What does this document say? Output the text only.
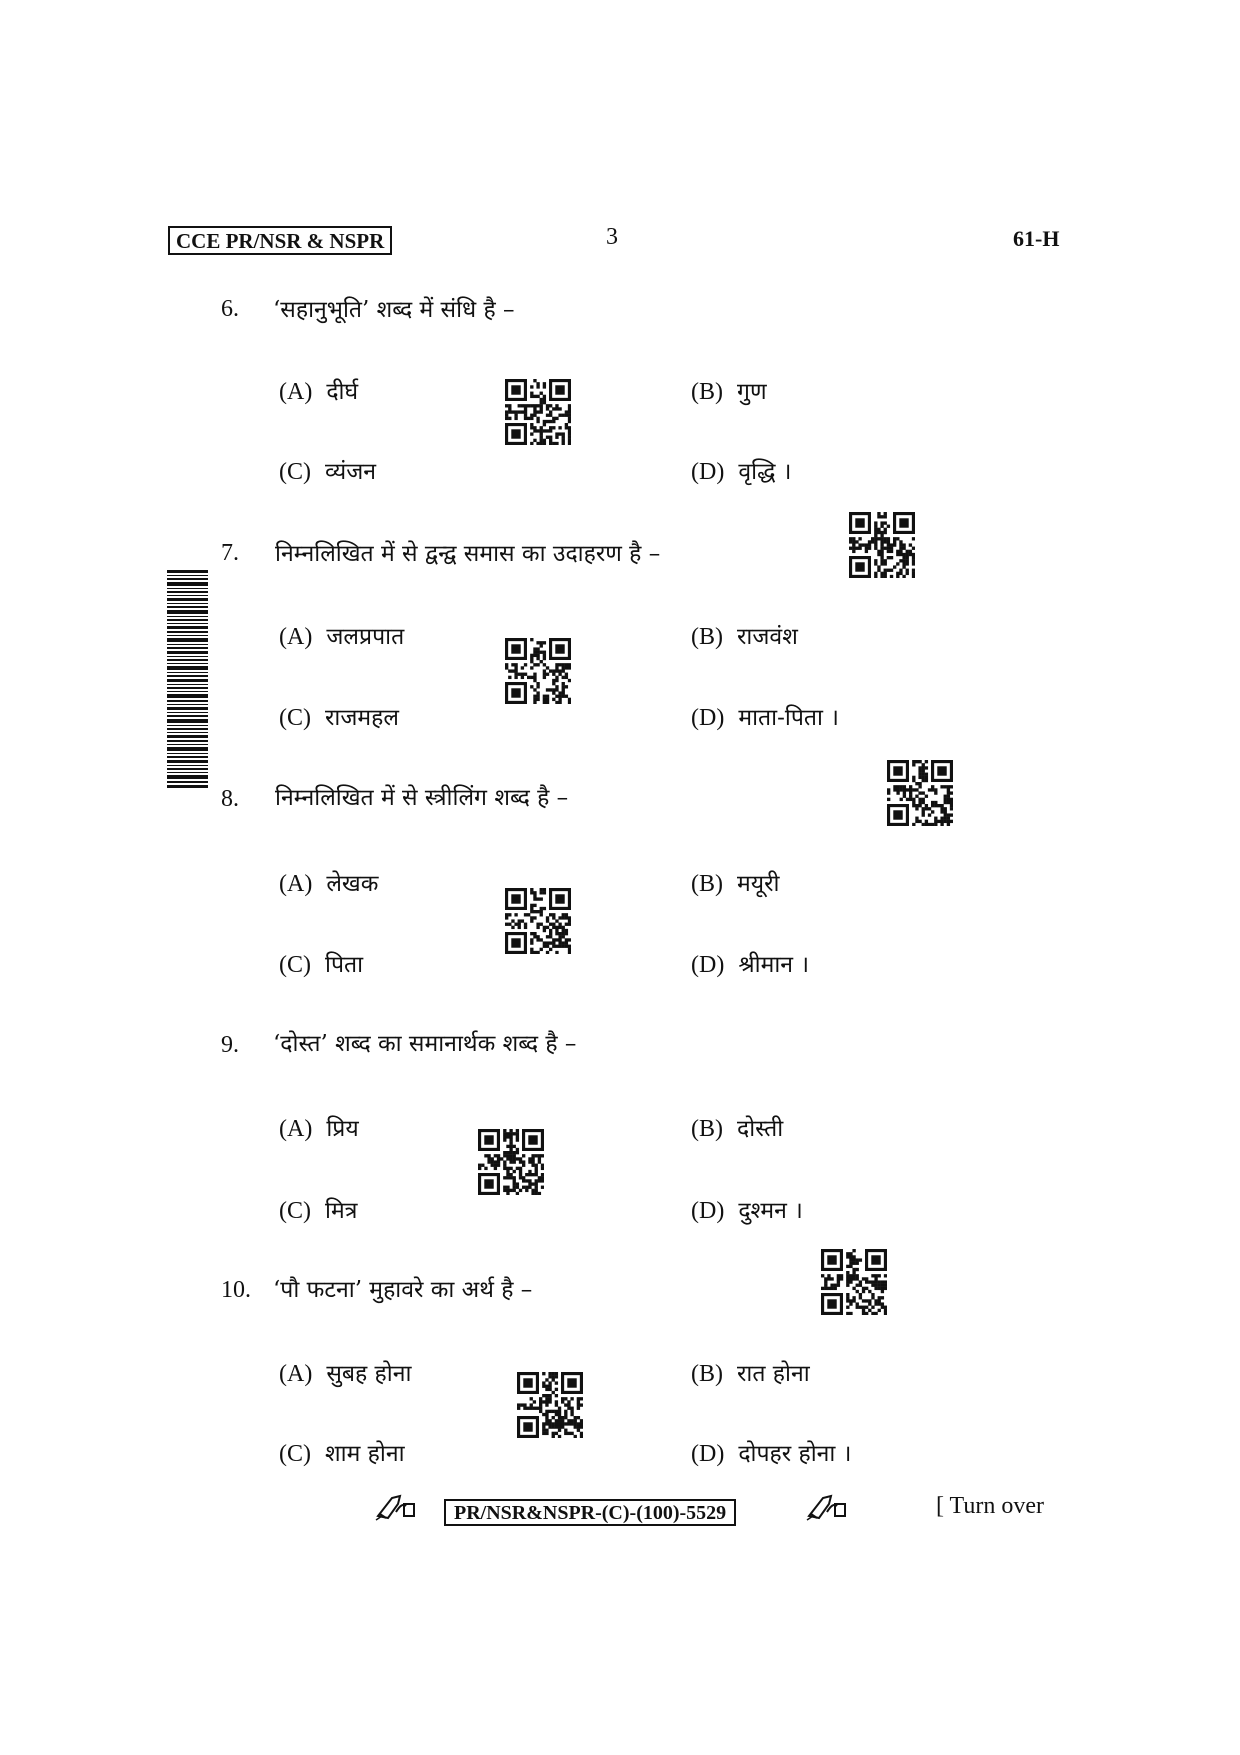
CCE PR/NSR & NSPR	3	61-H
6. ‘सहानुभूति’ शब्द में संधि है –
(A) दीर्घ	(B) गुण
(C) व्यंजन	(D) वृद्धि ।
7. निम्नलिखित में से द्वन्द्व समास का उदाहरण है –
(A) जलप्रपात	(B) राजवंश
(C) राजमहल	(D) माता-पिता ।
8. निम्नलिखित में से स्त्रीलिंग शब्द है –
(A) लेखक	(B) मयूरी
(C) पिता	(D) श्रीमान ।
9. ‘दोस्त’ शब्द का समानार्थक शब्द है –
(A) प्रिय	(B) दोस्ती
(C) मित्र	(D) दुश्मन ।
10. ‘पौ फटना’ मुहावरे का अर्थ है –
(A) सुबह होना	(B) रात होना
(C) शाम होना	(D) दोपहर होना ।
PR/NSR&NSPR-(C)-(100)-5529	[ Turn over
